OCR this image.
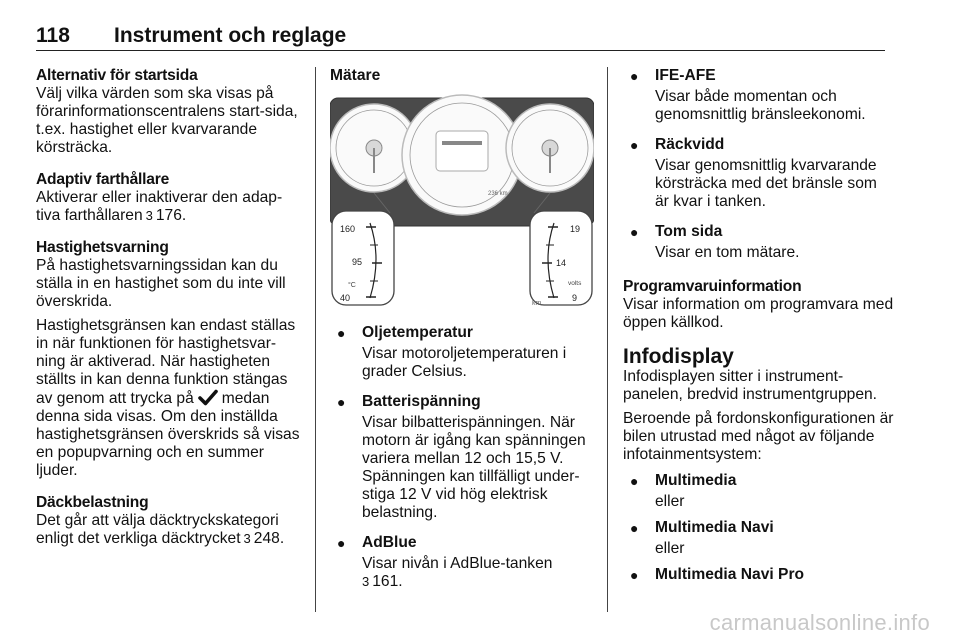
118 Instrument och reglage
Alternativ för startsida

Välj vilka värden som ska visas på förarinformationscentralens start-sida, t.ex. hastighet eller kvarvarande körsträcka.

Adaptiv farthållare

Aktiverar eller inaktiverar den adap-tiva farthållaren 3 176.

Hastighetsvarning

På hastighetsvarningssidan kan du ställa in en hastighet som du inte vill överskrida.

Hastighetsgränsen kan endast ställas in när funktionen för hastighetsvar-ning är aktiverad. När hastigheten ställts in kan denna funktion stängas av genom att trycka på medan denna sida visas. Om den inställda hastighetsgränsen överskrids så visas en popupvarning och en summer ljuder.

Däckbelastning

Det går att välja däcktryckskategori enligt det verkliga däcktrycket 3 248.

Mätare
236 km
160
95
40
°C
19
14
9
volts
km
● Oljetemperatur
Visar motoroljetemperaturen i grader Celsius.
● Batterispänning
Visar bilbatterispänningen. När motorn är igång kan spänningen variera mellan 12 och 15,5 V. Spänningen kan tillfälligt under-stiga 12 V vid hög elektrisk belastning.
● AdBlue
Visar nivån i AdBlue-tanken
3 161.
● IFE-AFE
Visar både momentan och genomsnittlig bränsleekonomi.
● Räckvidd
Visar genomsnittlig kvarvarande körsträcka med det bränsle som är kvar i tanken.
● Tom sida
Visar en tom mätare.
Programvaruinformation

Visar information om programvara med öppen källkod.

Infodisplay

Infodisplayen sitter i instrument-panelen, bredvid instrumentgruppen.

Beroende på fordonskonfigurationen är bilen utrustad med något av följande infotainmentsystem:

● Multimedia
eller
● Multimedia Navi
eller
● Multimedia Navi Pro
carmanualsonline.info
